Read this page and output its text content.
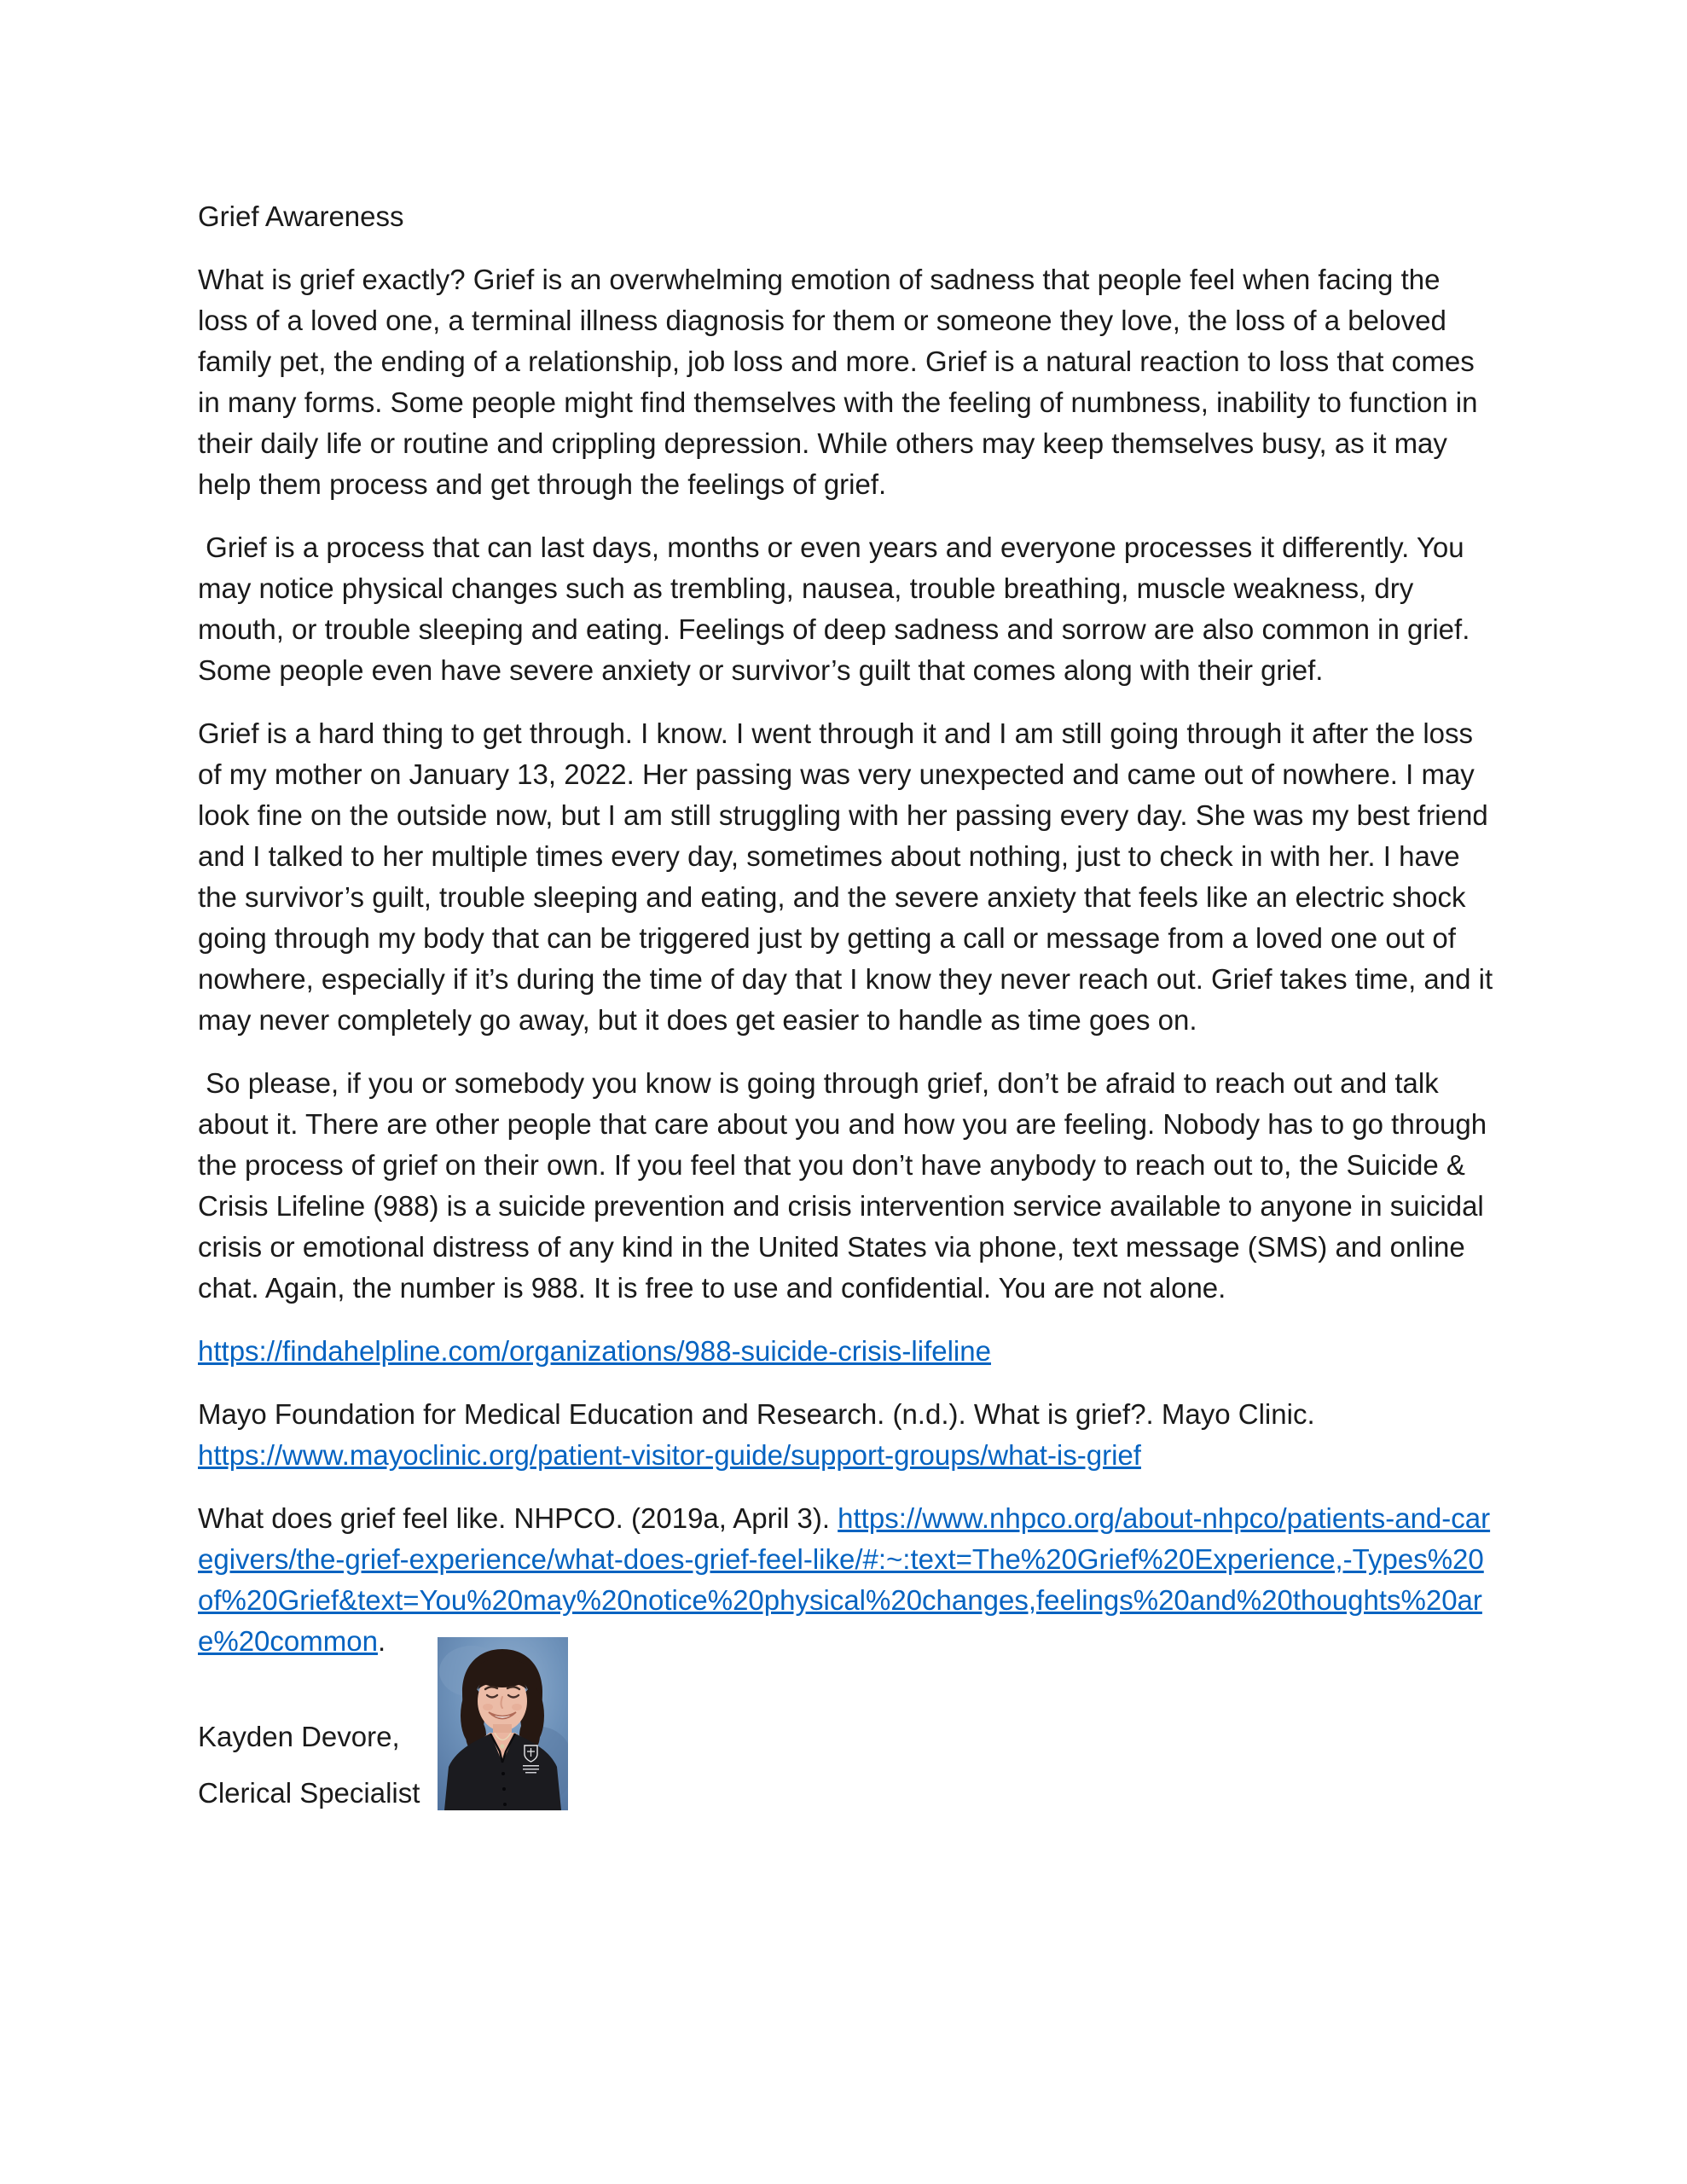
Grief Awareness

What is grief exactly? Grief is an overwhelming emotion of sadness that people feel when facing the loss of a loved one, a terminal illness diagnosis for them or someone they love, the loss of a beloved family pet, the ending of a relationship, job loss and more. Grief is a natural reaction to loss that comes in many forms. Some people might find themselves with the feeling of numbness, inability to function in their daily life or routine and crippling depression. While others may keep themselves busy, as it may help them process and get through the feelings of grief.

Grief is a process that can last days, months or even years and everyone processes it differently. You may notice physical changes such as trembling, nausea, trouble breathing, muscle weakness, dry mouth, or trouble sleeping and eating. Feelings of deep sadness and sorrow are also common in grief. Some people even have severe anxiety or survivor’s guilt that comes along with their grief.

Grief is a hard thing to get through. I know. I went through it and I am still going through it after the loss of my mother on January 13, 2022. Her passing was very unexpected and came out of nowhere. I may look fine on the outside now, but I am still struggling with her passing every day. She was my best friend and I talked to her multiple times every day, sometimes about nothing, just to check in with her. I have the survivor’s guilt, trouble sleeping and eating, and the severe anxiety that feels like an electric shock going through my body that can be triggered just by getting a call or message from a loved one out of nowhere, especially if it’s during the time of day that I know they never reach out. Grief takes time, and it may never completely go away, but it does get easier to handle as time goes on.

So please, if you or somebody you know is going through grief, don’t be afraid to reach out and talk about it. There are other people that care about you and how you are feeling. Nobody has to go through the process of grief on their own. If you feel that you don’t have anybody to reach out to, the Suicide & Crisis Lifeline (988) is a suicide prevention and crisis intervention service available to anyone in suicidal crisis or emotional distress of any kind in the United States via phone, text message (SMS) and online chat. Again, the number is 988. It is free to use and confidential. You are not alone.

https://findahelpline.com/organizations/988-suicide-crisis-lifeline

Mayo Foundation for Medical Education and Research. (n.d.). What is grief?. Mayo Clinic. https://www.mayoclinic.org/patient-visitor-guide/support-groups/what-is-grief

What does grief feel like. NHPCO. (2019a, April 3). https://www.nhpco.org/about-nhpco/patients-and-caregivers/the-grief-experience/what-does-grief-feel-like/#:~:text=The%20Grief%20Experience,-Types%20of%20Grief&text=You%20may%20notice%20physical%20changes,feelings%20and%20thoughts%20are%20common.

Kayden Devore,

Clerical Specialist
